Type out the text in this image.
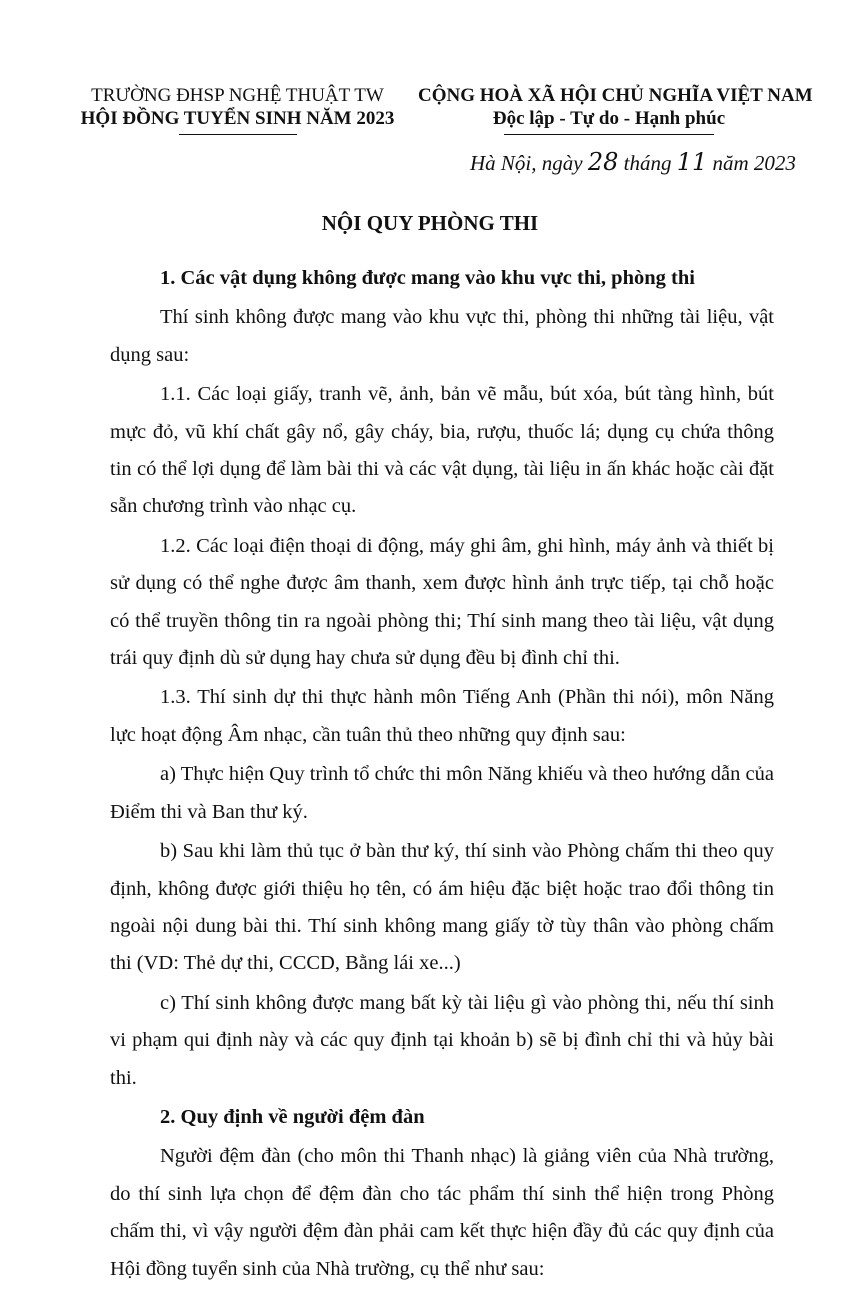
TRƯỜNG ĐHSP NGHỆ THUẬT TW
HỘI ĐỒNG TUYỂN SINH NĂM 2023
CỘNG HOÀ XÃ HỘI CHỦ NGHĨA VIỆT NAM
Độc lập - Tự do - Hạnh phúc
Hà Nội, ngày 28 tháng 11 năm 2023
NỘI QUY PHÒNG THI

1. Các vật dụng không được mang vào khu vực thi, phòng thi

Thí sinh không được mang vào khu vực thi, phòng thi những tài liệu, vật dụng sau:

1.1. Các loại giấy, tranh vẽ, ảnh, bản vẽ mẫu, bút xóa, bút tàng hình, bút mực đỏ, vũ khí chất gây nổ, gây cháy, bia, rượu, thuốc lá; dụng cụ chứa thông tin có thể lợi dụng để làm bài thi và các vật dụng, tài liệu in ấn khác hoặc cài đặt sẵn chương trình vào nhạc cụ.

1.2. Các loại điện thoại di động, máy ghi âm, ghi hình, máy ảnh và thiết bị sử dụng có thể nghe được âm thanh, xem được hình ảnh trực tiếp, tại chỗ hoặc có thể truyền thông tin ra ngoài phòng thi; Thí sinh mang theo tài liệu, vật dụng trái quy định dù sử dụng hay chưa sử dụng đều bị đình chỉ thi.

1.3. Thí sinh dự thi thực hành môn Tiếng Anh (Phần thi nói), môn Năng lực hoạt động Âm nhạc, cần tuân thủ theo những quy định sau:

a) Thực hiện Quy trình tổ chức thi môn Năng khiếu và theo hướng dẫn của Điểm thi và Ban thư ký.

b) Sau khi làm thủ tục ở bàn thư ký, thí sinh vào Phòng chấm thi theo quy định, không được giới thiệu họ tên, có ám hiệu đặc biệt hoặc trao đổi thông tin ngoài nội dung bài thi. Thí sinh không mang giấy tờ tùy thân vào phòng chấm thi (VD: Thẻ dự thi, CCCD, Bằng lái xe...)

c) Thí sinh không được mang bất kỳ tài liệu gì vào phòng thi, nếu thí sinh vi phạm qui định này và các quy định tại khoản b) sẽ bị đình chỉ thi và hủy bài thi.

2. Quy định về người đệm đàn

Người đệm đàn (cho môn thi Thanh nhạc) là giảng viên của Nhà trường, do thí sinh lựa chọn để đệm đàn cho tác phẩm thí sinh thể hiện trong Phòng chấm thi, vì vậy người đệm đàn phải cam kết thực hiện đầy đủ các quy định của Hội đồng tuyển sinh của Nhà trường, cụ thể như sau:
